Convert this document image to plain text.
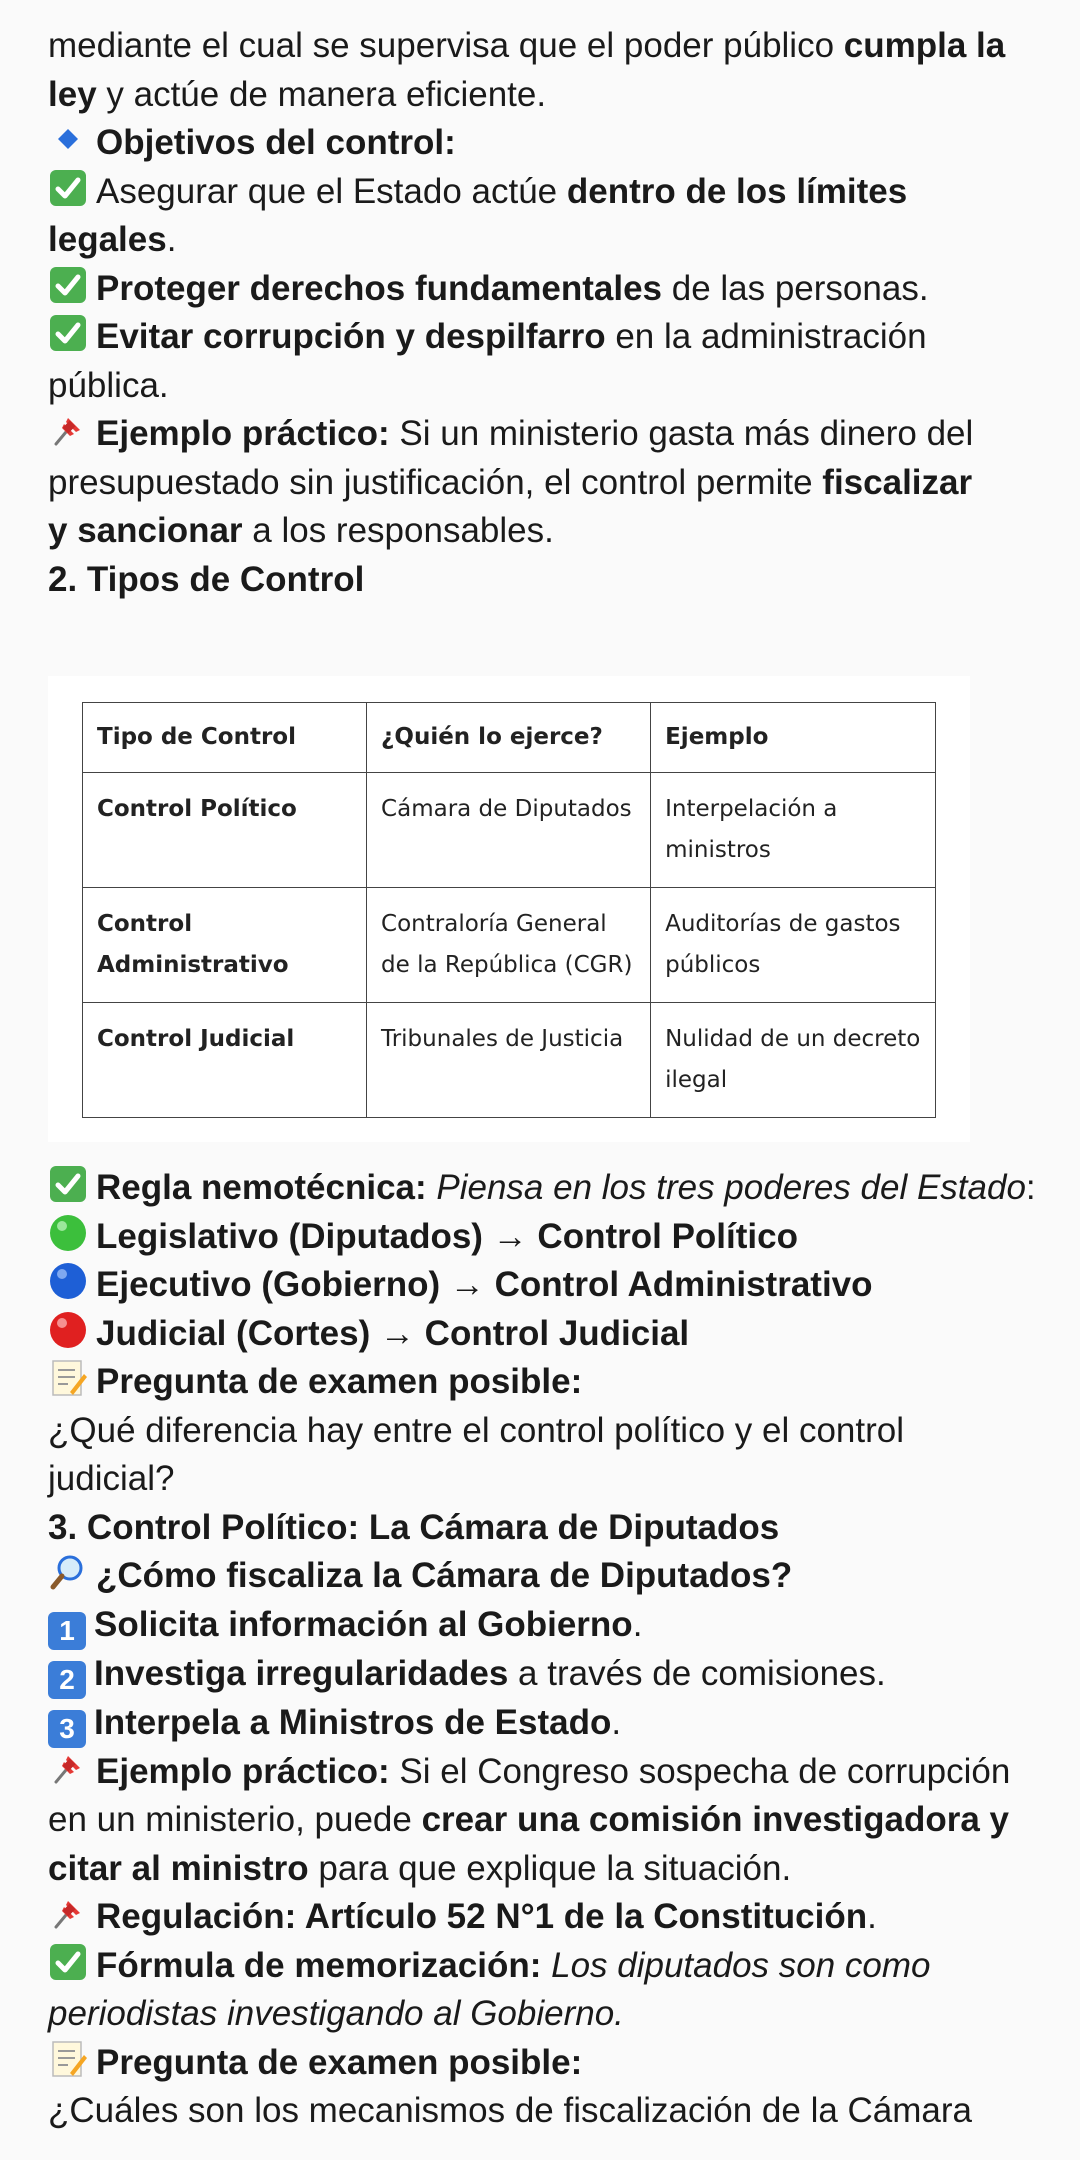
mediante el cual se supervisa que el poder público cumpla la
ley y actúe de manera eficiente.
Objetivos del control:
Asegurar que el Estado actúe dentro de los límites
legales.
Proteger derechos fundamentales de las personas.
Evitar corrupción y despilfarro en la administración
pública.
Ejemplo práctico: Si un ministerio gasta más dinero del
presupuestado sin justificación, el control permite fiscalizar
y sancionar a los responsables.
2. Tipos de Control
Tipo de Control	¿Quién lo ejerce?	Ejemplo
Control Político	Cámara de Diputados	Interpelación a ministros
Control Administrativo	Contraloría General de la República (CGR)	Auditorías de gastos públicos
Control Judicial	Tribunales de Justicia	Nulidad de un decreto ilegal
Regla nemotécnica: Piensa en los tres poderes del Estado:
Legislativo (Diputados) → Control Político
Ejecutivo (Gobierno) → Control Administrativo
Judicial (Cortes) → Control Judicial
Pregunta de examen posible:
¿Qué diferencia hay entre el control político y el control
judicial?
3. Control Político: La Cámara de Diputados
¿Cómo fiscaliza la Cámara de Diputados?
1 Solicita información al Gobierno.
2 Investiga irregularidades a través de comisiones.
3 Interpela a Ministros de Estado.
Ejemplo práctico: Si el Congreso sospecha de corrupción
en un ministerio, puede crear una comisión investigadora y
citar al ministro para que explique la situación.
Regulación: Artículo 52 N°1 de la Constitución.
Fórmula de memorización: Los diputados son como
periodistas investigando al Gobierno.
Pregunta de examen posible:
¿Cuáles son los mecanismos de fiscalización de la Cámara
